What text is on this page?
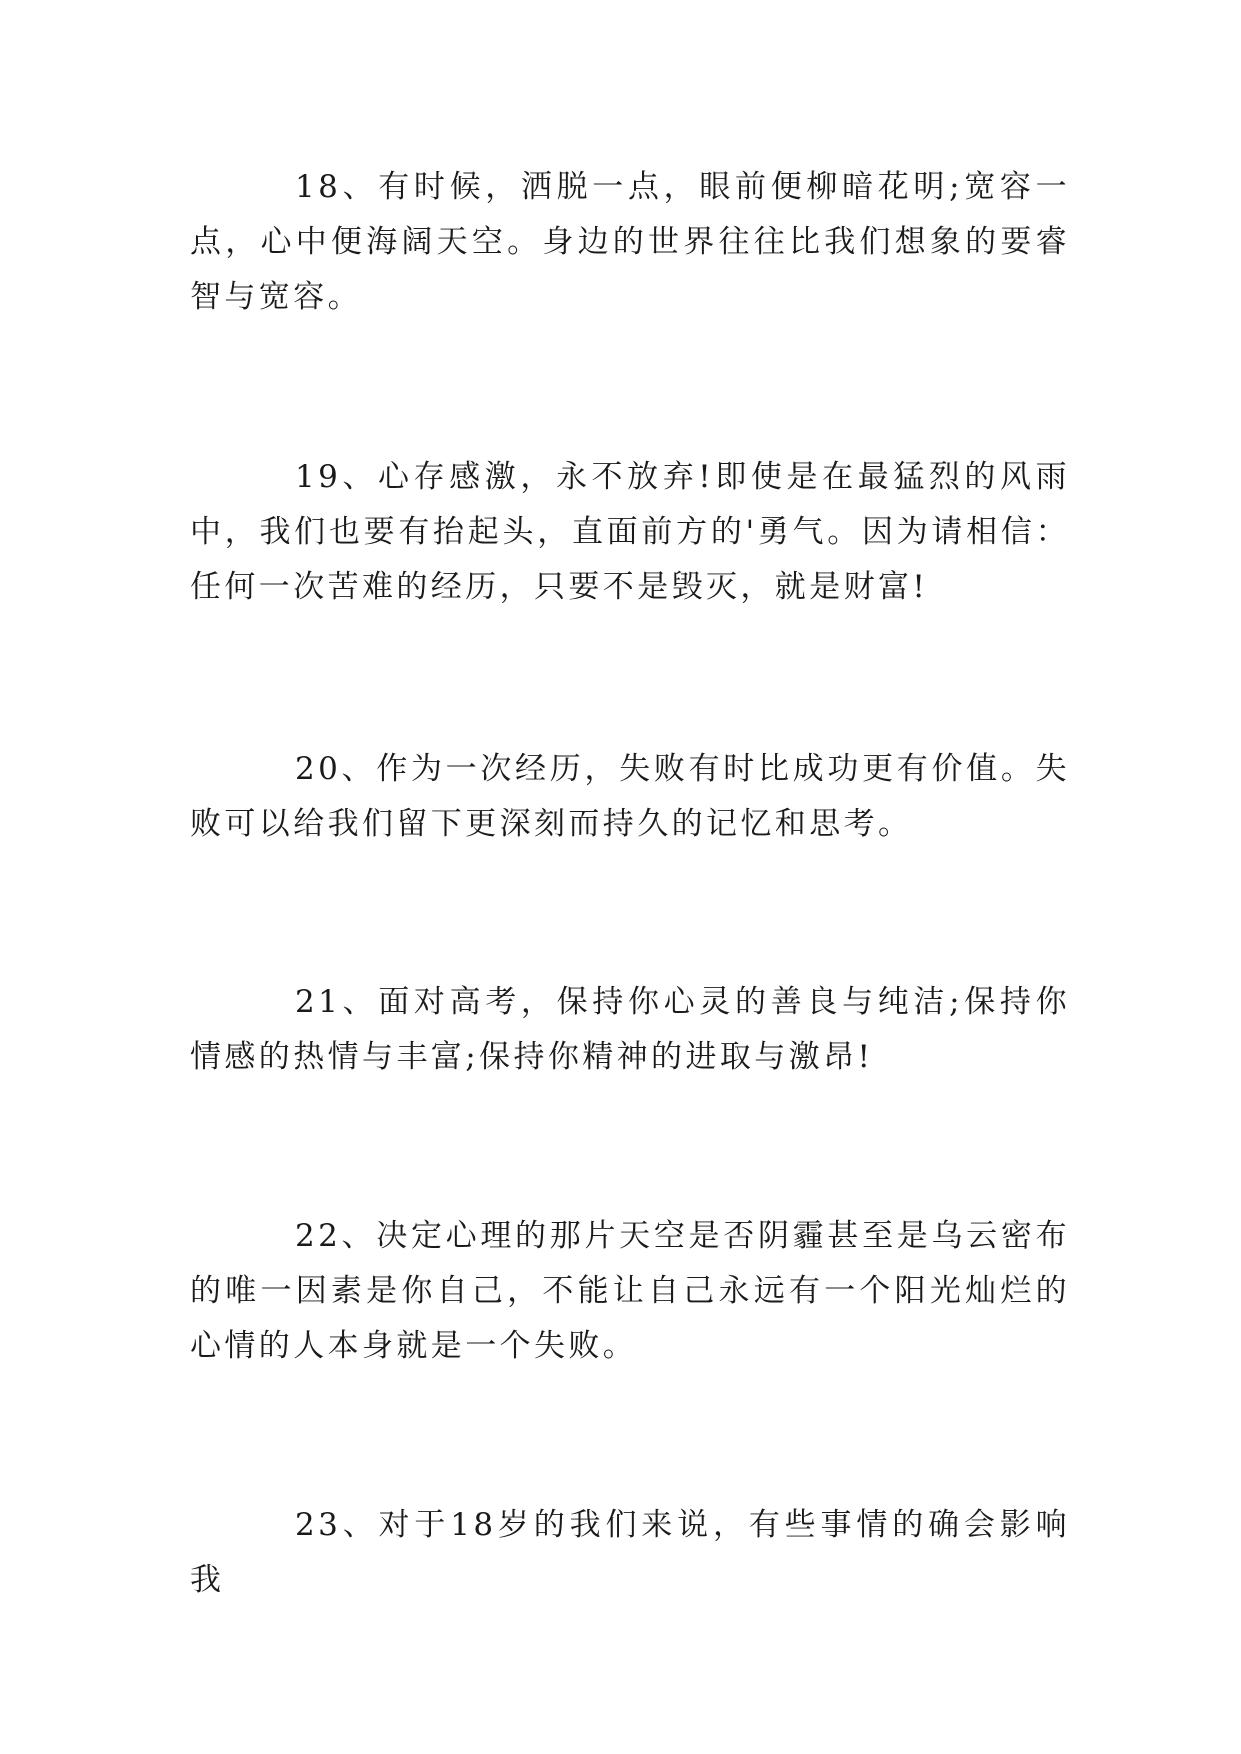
18、有时候，洒脱一点，眼前便柳暗花明;宽容一点，心中便海阔天空。身边的世界往往比我们想象的要睿智与宽容。

19、心存感激，永不放弃!即使是在最猛烈的风雨中，我们也要有抬起头，直面前方的'勇气。因为请相信：任何一次苦难的经历，只要不是毁灭，就是财富!

20、作为一次经历，失败有时比成功更有价值。失败可以给我们留下更深刻而持久的记忆和思考。

21、面对高考，保持你心灵的善良与纯洁;保持你情感的热情与丰富;保持你精神的进取与激昂!

22、决定心理的那片天空是否阴霾甚至是乌云密布的唯一因素是你自己，不能让自己永远有一个阳光灿烂的心情的人本身就是一个失败。

23、对于18岁的我们来说，有些事情的确会影响我
